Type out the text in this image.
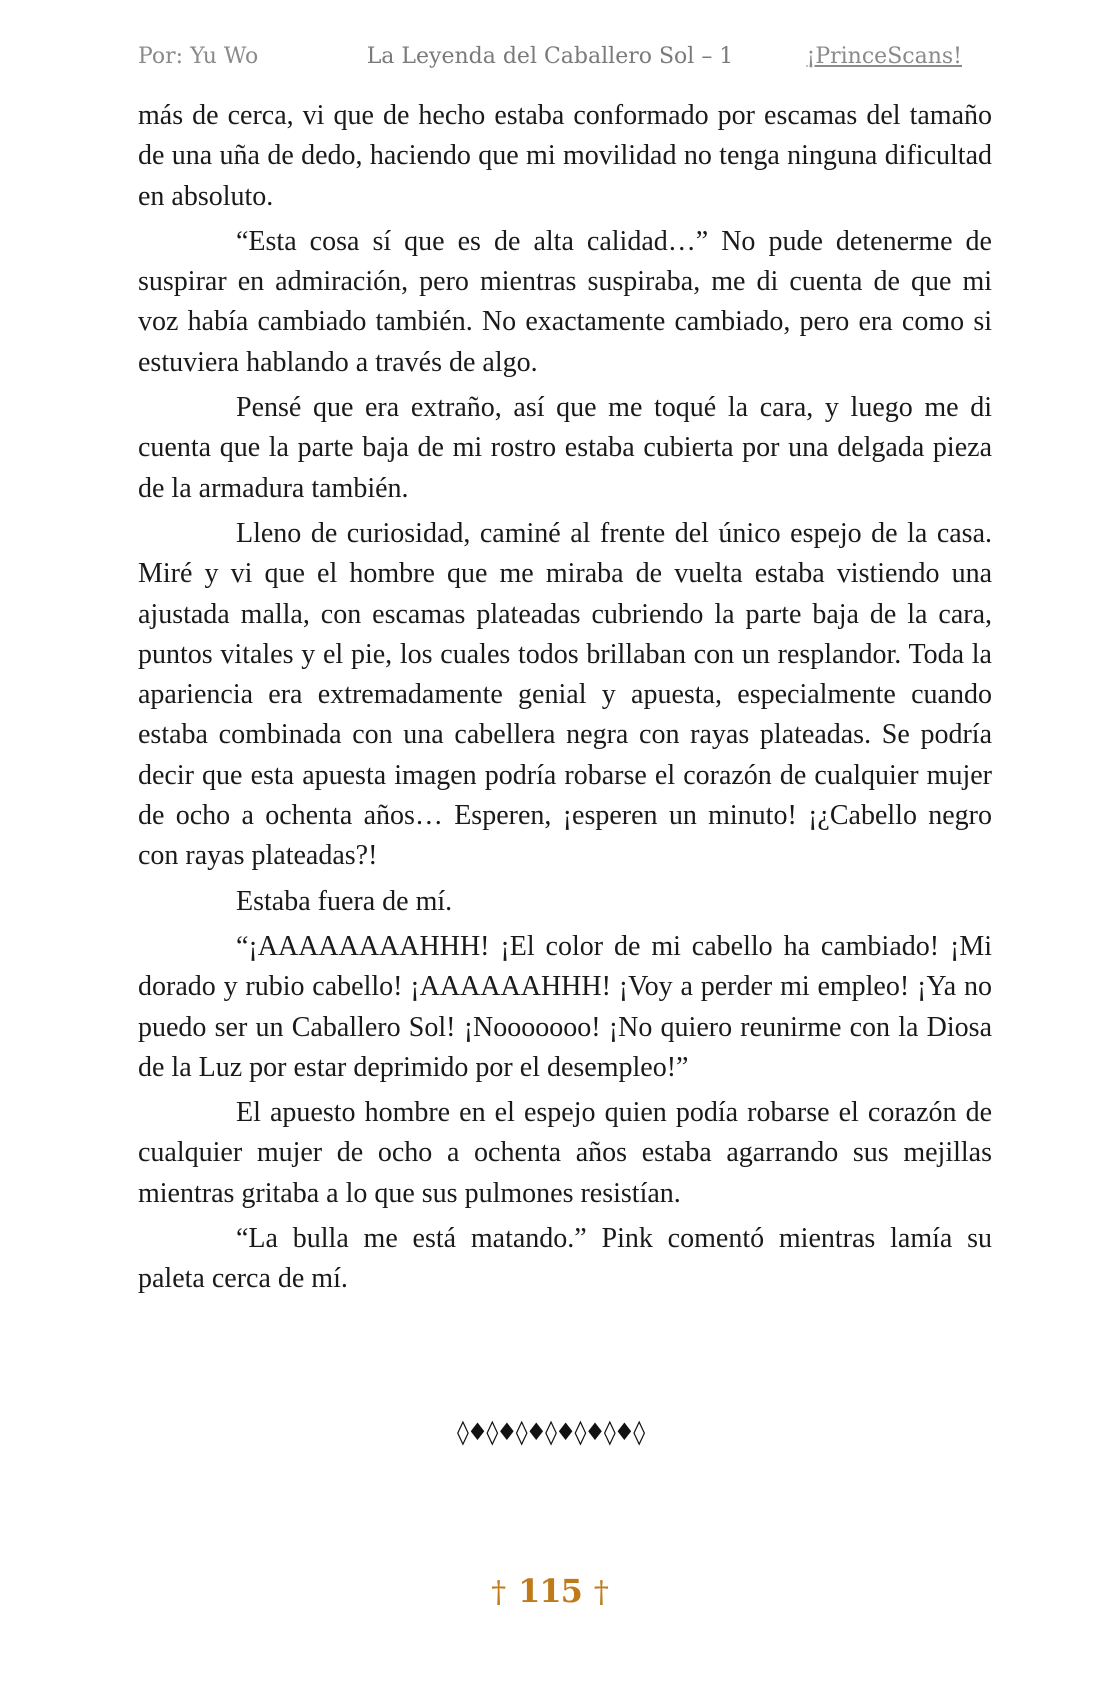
Por: Yu Wo	La Leyenda del Caballero Sol – 1	¡PrinceScans!

más de cerca, vi que de hecho estaba conformado por escamas del tamaño de una uña de dedo, haciendo que mi movilidad no tenga ninguna dificultad en absoluto.

“Esta cosa sí que es de alta calidad…” No pude detenerme de suspirar en admiración, pero mientras suspiraba, me di cuenta de que mi voz había cambiado también. No exactamente cambiado, pero era como si estuviera hablando a través de algo.

Pensé que era extraño, así que me toqué la cara, y luego me di cuenta que la parte baja de mi rostro estaba cubierta por una delgada pieza de la armadura también.

Lleno de curiosidad, caminé al frente del único espejo de la casa. Miré y vi que el hombre que me miraba de vuelta estaba vistiendo una ajustada malla, con escamas plateadas cubriendo la parte baja de la cara, puntos vitales y el pie, los cuales todos brillaban con un resplandor. Toda la apariencia era extremadamente genial y apuesta, especialmente cuando estaba combinada con una cabellera negra con rayas plateadas. Se podría decir que esta apuesta imagen podría robarse el corazón de cualquier mujer de ocho a ochenta años… Esperen, ¡esperen un minuto! ¡¿Cabello negro con rayas plateadas?!

Estaba fuera de mí.

“¡AAAAAAAAHHH! ¡El color de mi cabello ha cambiado! ¡Mi dorado y rubio cabello! ¡AAAAAAHHH! ¡Voy a perder mi empleo! ¡Ya no puedo ser un Caballero Sol! ¡Nooooooo! ¡No quiero reunirme con la Diosa de la Luz por estar deprimido por el desempleo!”

El apuesto hombre en el espejo quien podía robarse el corazón de cualquier mujer de ocho a ochenta años estaba agarrando sus mejillas mientras gritaba a lo que sus pulmones resistían.

“La bulla me está matando.” Pink comentó mientras lamía su paleta cerca de mí.

◊♦◊♦◊♦◊♦◊♦◊♦◊
† 115 †
